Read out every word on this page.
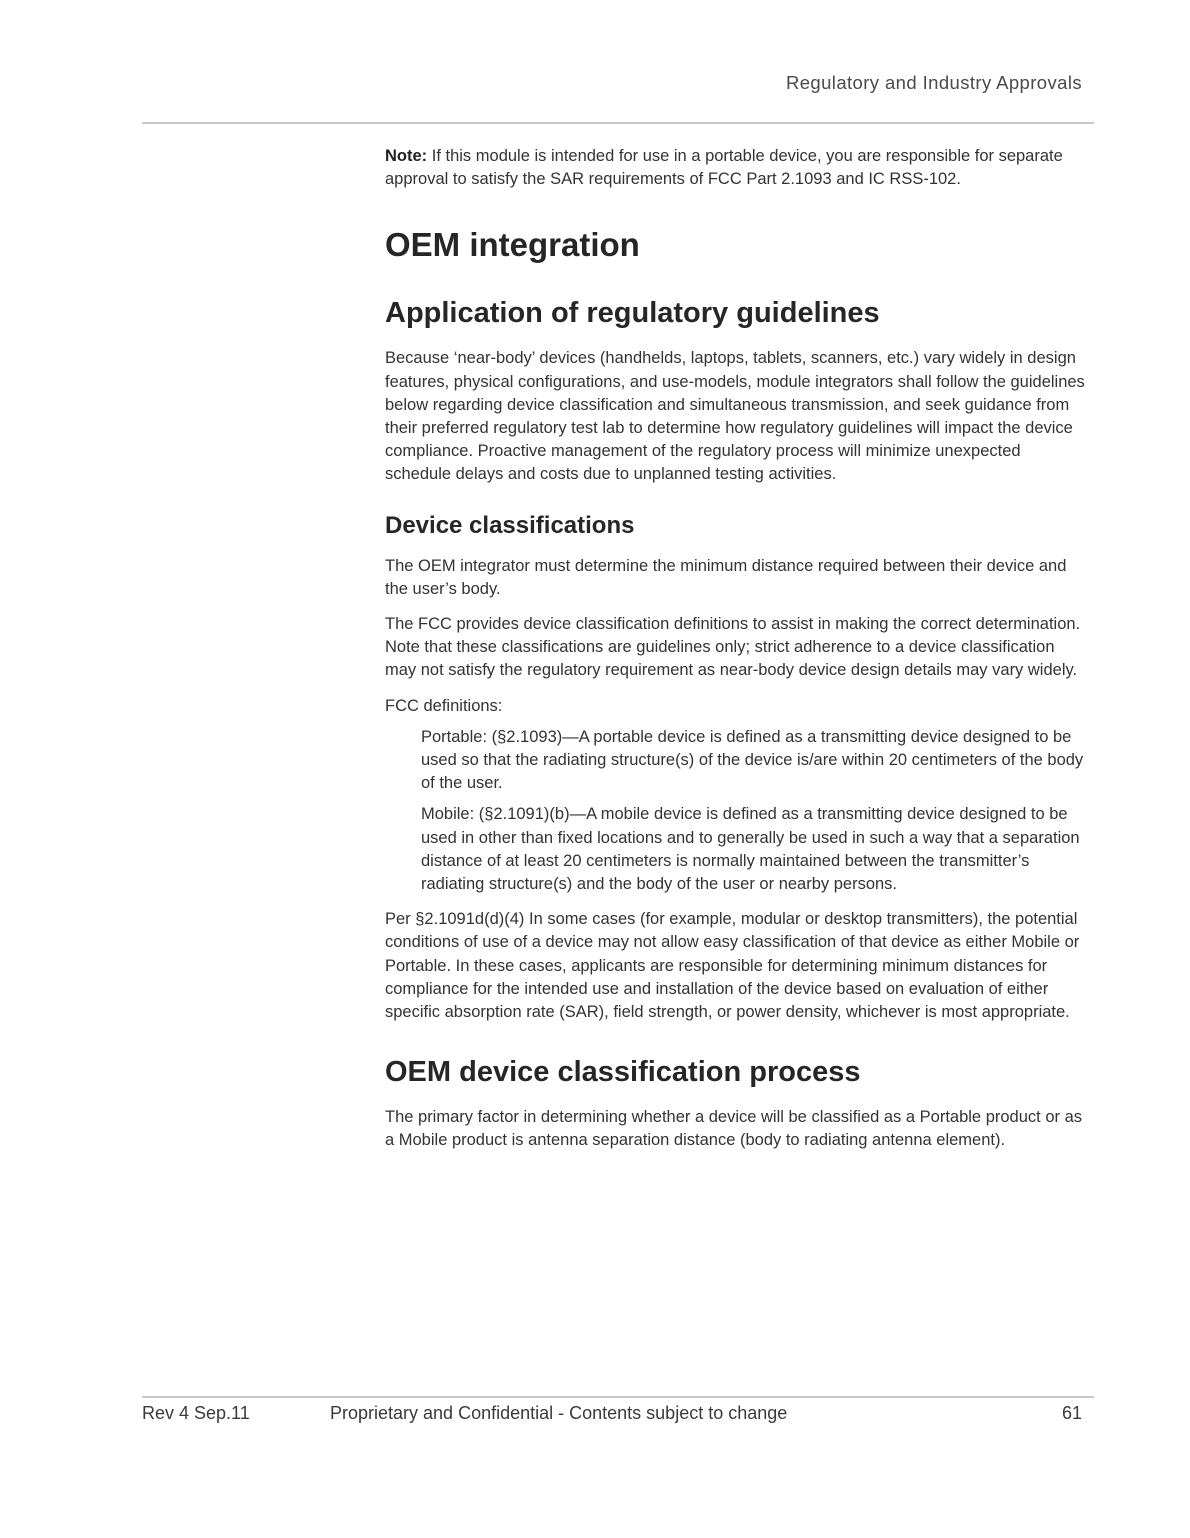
Regulatory and Industry Approvals

Note: If this module is intended for use in a portable device, you are responsible for separate approval to satisfy the SAR requirements of FCC Part 2.1093 and IC RSS-102.

OEM integration
Application of regulatory guidelines

Because ‘near-body’ devices (handhelds, laptops, tablets, scanners, etc.) vary widely in design features, physical configurations, and use-models, module integrators shall follow the guidelines below regarding device classification and simultaneous transmission, and seek guidance from their preferred regulatory test lab to determine how regulatory guidelines will impact the device compliance. Proactive management of the regulatory process will minimize unexpected schedule delays and costs due to unplanned testing activities.

Device classifications

The OEM integrator must determine the minimum distance required between their device and the user’s body.

The FCC provides device classification definitions to assist in making the correct determination. Note that these classifications are guidelines only; strict adherence to a device classification may not satisfy the regulatory requirement as near-body device design details may vary widely.

FCC definitions:

Portable: (§2.1093)—A portable device is defined as a transmitting device designed to be used so that the radiating structure(s) of the device is/are within 20 centimeters of the body of the user.

Mobile: (§2.1091)(b)—A mobile device is defined as a transmitting device designed to be used in other than fixed locations and to generally be used in such a way that a separation distance of at least 20 centimeters is normally maintained between the transmitter’s radiating structure(s) and the body of the user or nearby persons.

Per §2.1091d(d)(4) In some cases (for example, modular or desktop transmitters), the potential conditions of use of a device may not allow easy classification of that device as either Mobile or Portable. In these cases, applicants are responsible for determining minimum distances for compliance for the intended use and installation of the device based on evaluation of either specific absorption rate (SAR), field strength, or power density, whichever is most appropriate.

OEM device classification process

The primary factor in determining whether a device will be classified as a Portable product or as a Mobile product is antenna separation distance (body to radiating antenna element).

Rev 4 Sep.11	Proprietary and Confidential - Contents subject to change	61
